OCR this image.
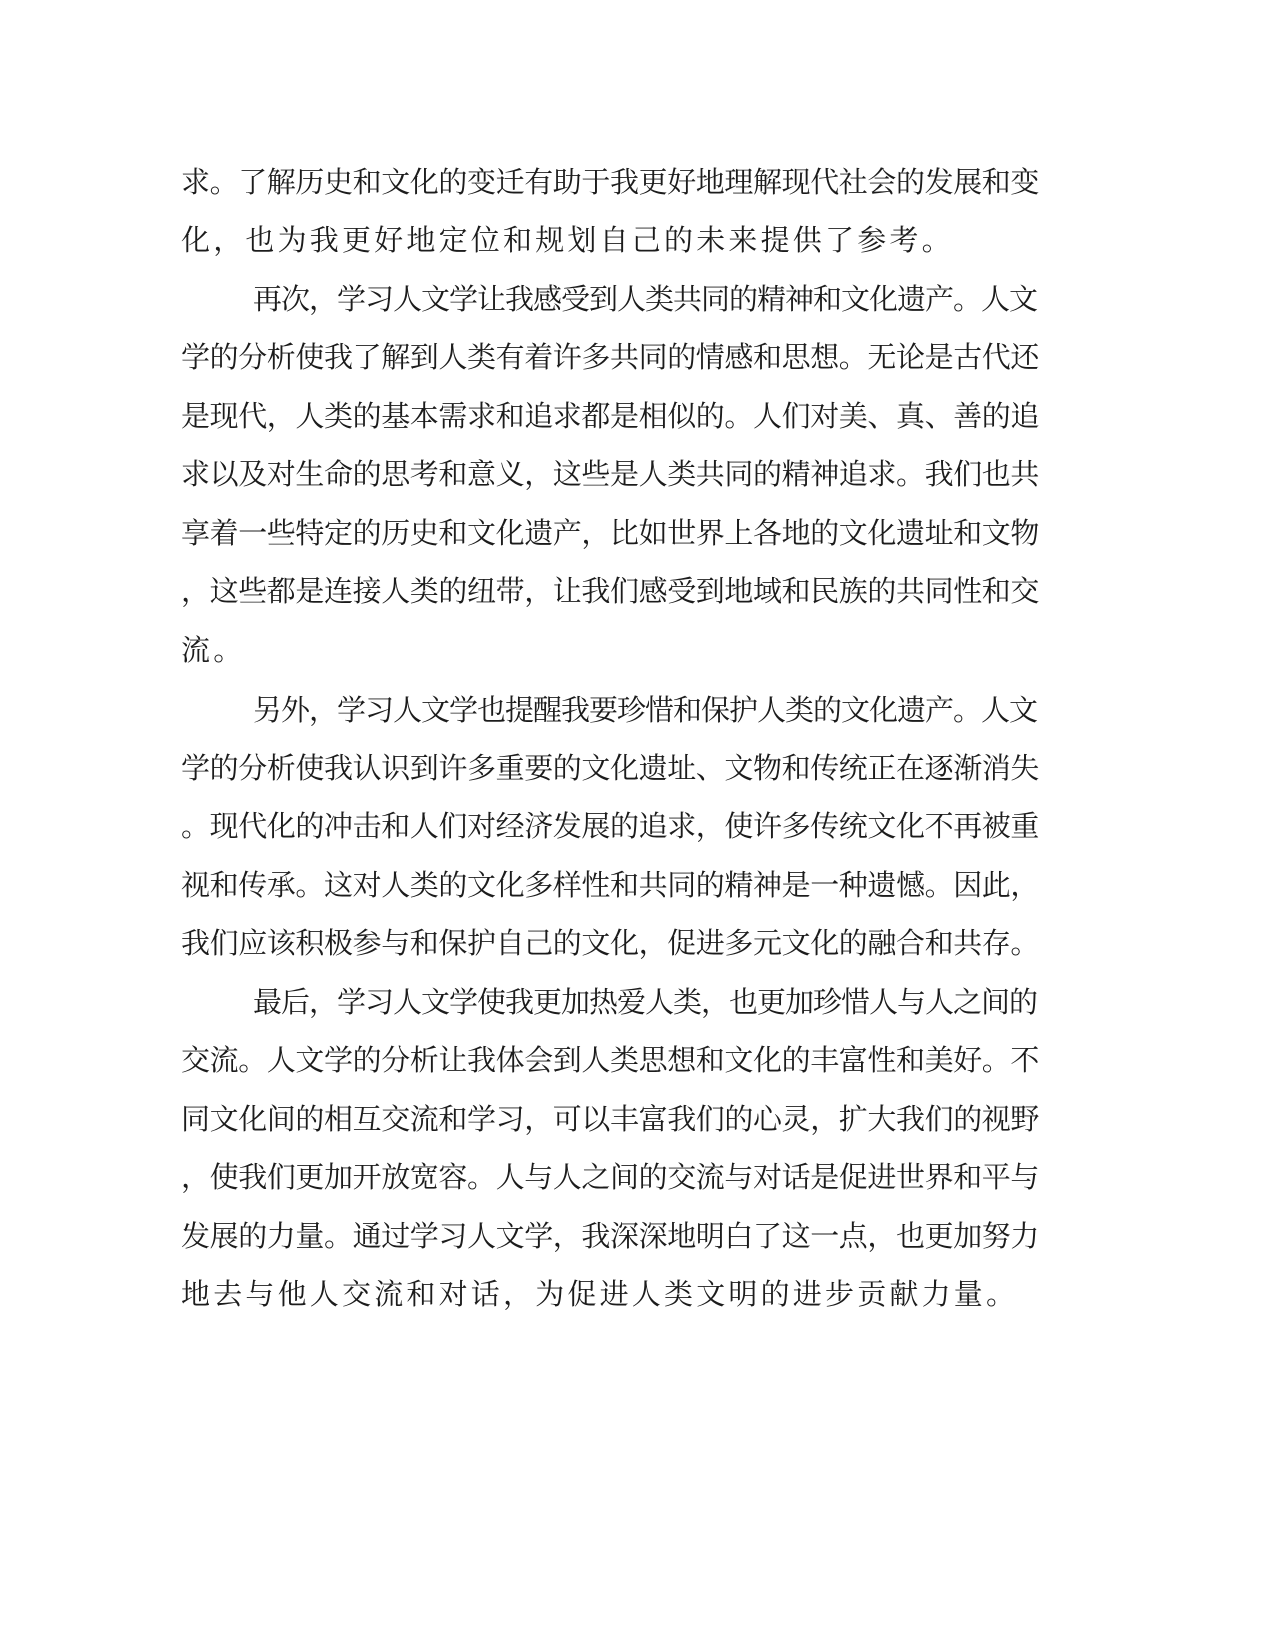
求。了解历史和文化的变迁有助于我更好地理解现代社会的发展和变
化，也为我更好地定位和规划自己的未来提供了参考。
再次，学习人文学让我感受到人类共同的精神和文化遗产。人文
学的分析使我了解到人类有着许多共同的情感和思想。无论是古代还
是现代，人类的基本需求和追求都是相似的。人们对美、真、善的追
求以及对生命的思考和意义，这些是人类共同的精神追求。我们也共
享着一些特定的历史和文化遗产，比如世界上各地的文化遗址和文物
，这些都是连接人类的纽带，让我们感受到地域和民族的共同性和交
流。
另外，学习人文学也提醒我要珍惜和保护人类的文化遗产。人文
学的分析使我认识到许多重要的文化遗址、文物和传统正在逐渐消失
。现代化的冲击和人们对经济发展的追求，使许多传统文化不再被重
视和传承。这对人类的文化多样性和共同的精神是一种遗憾。因此，
我们应该积极参与和保护自己的文化，促进多元文化的融合和共存。
最后，学习人文学使我更加热爱人类，也更加珍惜人与人之间的
交流。人文学的分析让我体会到人类思想和文化的丰富性和美好。不
同文化间的相互交流和学习，可以丰富我们的心灵，扩大我们的视野
，使我们更加开放宽容。人与人之间的交流与对话是促进世界和平与
发展的力量。通过学习人文学，我深深地明白了这一点，也更加努力
地去与他人交流和对话，为促进人类文明的进步贡献力量。
